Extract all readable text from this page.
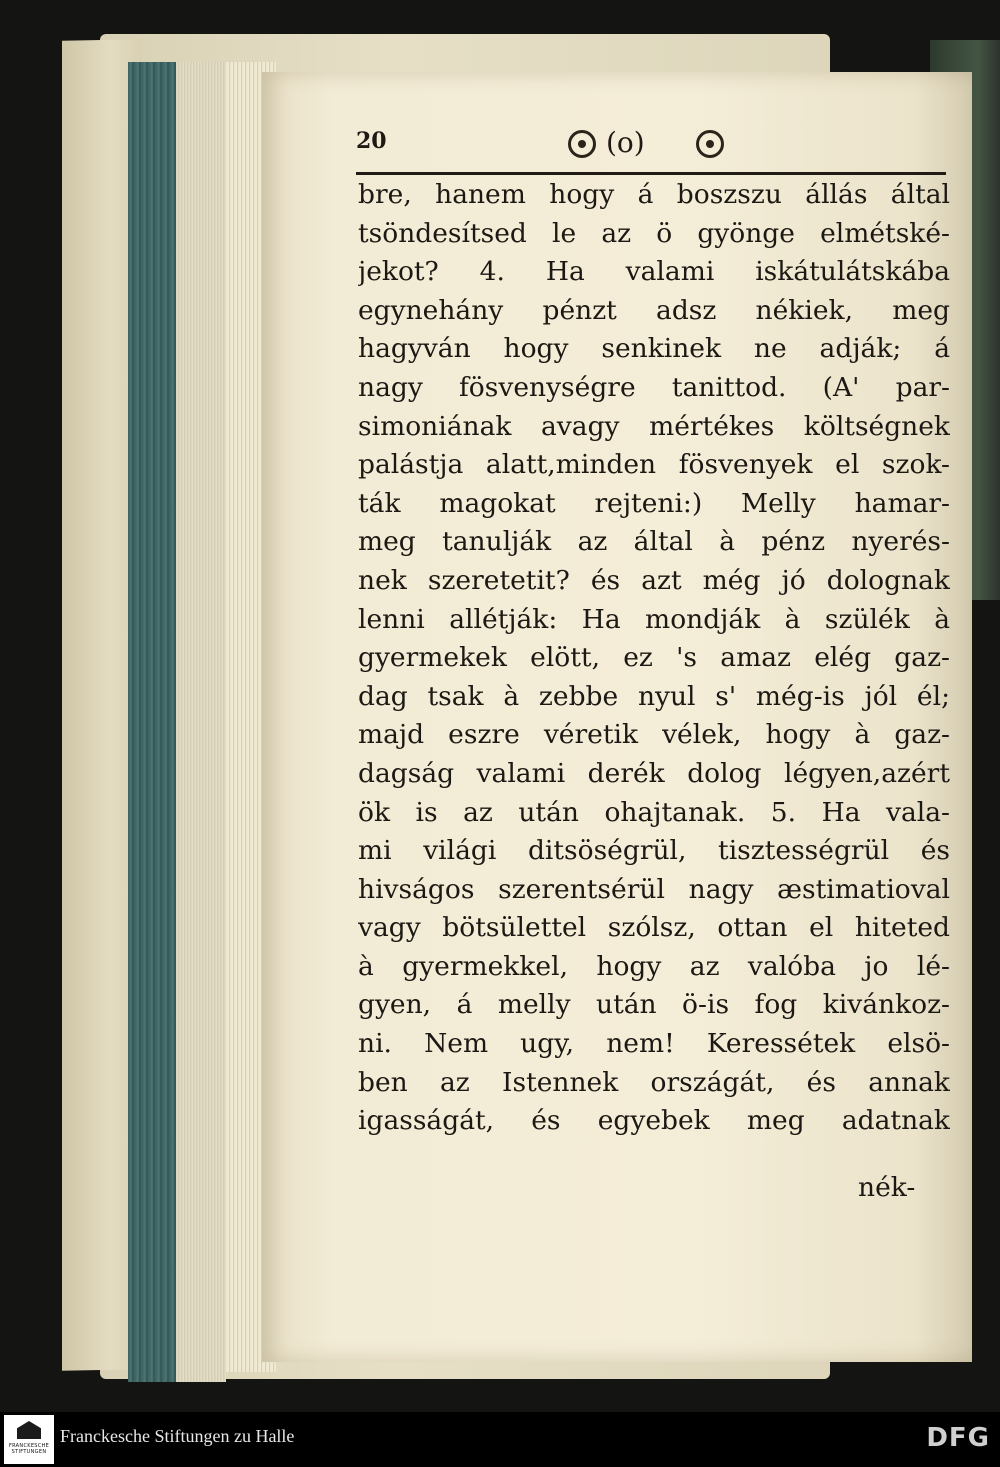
20	(o)
bre, hanem hogy á boszszu állás által
tsöndesítsed le az ö gyönge elmétské-
jekot? 4. Ha valami iskátulátskába
egynehány pénzt adsz nékiek, meg
hagyván hogy senkinek ne adják; á
nagy fösvenységre tanittod. (A' par-
simoniának avagy mértékes költségnek
palástja alatt,minden fösvenyek el szok-
ták magokat rejteni:) Melly hamar-
meg tanulják az által à pénz nyerés-
nek szeretetit? és azt még jó dolognak
lenni allétják: Ha mondják à szülék à
gyermekek elött, ez 's amaz elég gaz-
dag tsak à zebbe nyul s' még-is jól él;
majd eszre véretik vélek, hogy à gaz-
dagság valami derék dolog légyen,azért
ök is az után ohajtanak. 5. Ha vala-
mi világi ditsöségrül, tisztességrül és
hivságos szerentsérül nagy æstimatioval
vagy bötsülettel szólsz, ottan el hiteted
à gyermekkel, hogy az valóba jo lé-
gyen, á melly után ö-is fog kivánkoz-
ni. Nem ugy, nem! Keressétek elsö-
ben az Istennek országát, és annak
igasságát, és egyebek meg adatnak
nék-
FRANCKESCHE STIFTUNGEN
Franckesche Stiftungen zu Halle	DFG
